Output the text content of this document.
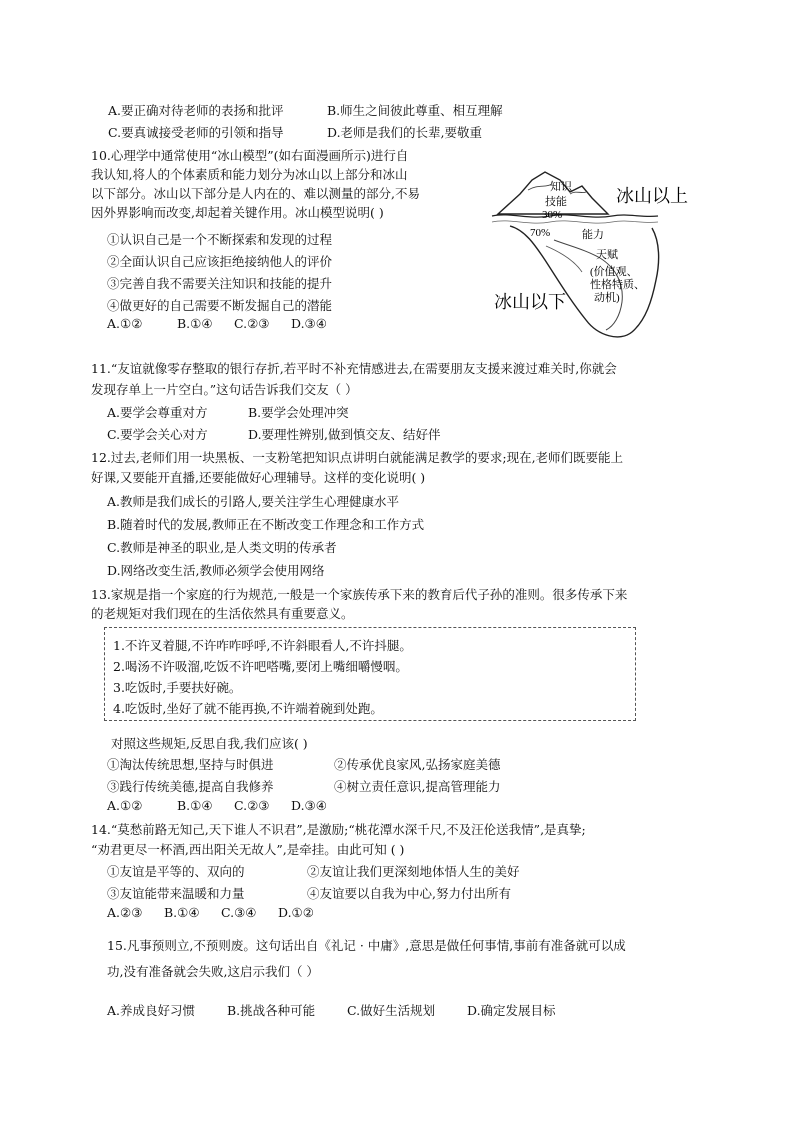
A.要正确对待老师的表扬和批评	B.师生之间彼此尊重、相互理解
C.要真诚接受老师的引领和指导	D.老师是我们的长辈,要敬重
10.心理学中通常使用“冰山模型”(如右面漫画所示)进行自
我认知,将人的个体素质和能力划分为冰山以上部分和冰山
以下部分。冰山以下部分是人内在的、难以测量的部分,不易
因外界影响而改变,却起着关键作用。冰山模型说明( )
①认识自己是一个不断探索和发现的过程
②全面认识自己应该拒绝接纳他人的评价
③完善自我不需要关注知识和技能的提升
④做更好的自己需要不断发掘自己的潜能
A.①②	B.①④ C.②③ D.③④
知识
技能
30%
70%	能力
天赋
(价值观、
性格特质、
动机)
冰山以上
冰山以下
11.“友谊就像零存整取的银行存折,若平时不补充情感进去,在需要朋友支援来渡过难关时,你就会
发现存单上一片空白。”这句话告诉我们交友（ ）
A.要学会尊重对方	B.要学会处理冲突
C.要学会关心对方	D.要理性辨别,做到慎交友、结好伴
12.过去,老师们用一块黑板、一支粉笔把知识点讲明白就能满足教学的要求;现在,老师们既要能上
好课,又要能开直播,还要能做好心理辅导。这样的变化说明( )
A.教师是我们成长的引路人,要关注学生心理健康水平
B.随着时代的发展,教师正在不断改变工作理念和工作方式
C.教师是神圣的职业,是人类文明的传承者
D.网络改变生活,教师必须学会使用网络
13.家规是指一个家庭的行为规范,一般是一个家族传承下来的教育后代子孙的准则。很多传承下来
的老规矩对我们现在的生活依然具有重要意义。
1.不许叉着腿,不许咋咋呼呼,不许斜眼看人,不许抖腿。
2.喝汤不许吸溜,吃饭不许吧嗒嘴,要闭上嘴细嚼慢咽。
3.吃饭时,手要扶好碗。
4.吃饭时,坐好了就不能再换,不许端着碗到处跑。
对照这些规矩,反思自我,我们应该( )
①淘汰传统思想,坚持与时俱进	②传承优良家风,弘扬家庭美德
③践行传统美德,提高自我修养	④树立责任意识,提高管理能力
A.①②	B.①④ C.②③ D.③④
14.“莫愁前路无知己,天下谁人不识君”,是激励;“桃花潭水深千尺,不及汪伦送我情”,是真挚;
“劝君更尽一杯酒,西出阳关无故人”,是牵挂。由此可知 ( )
①友谊是平等的、双向的	②友谊让我们更深刻地体悟人生的美好
③友谊能带来温暖和力量	④友谊要以自我为中心,努力付出所有
A.②③ B.①④ C.③④ D.①②
15.凡事预则立,不预则废。这句话出自《礼记 · 中庸》,意思是做任何事情,事前有准备就可以成
功,没有准备就会失败,这启示我们（ ）
A.养成良好习惯	B.挑战各种可能	C.做好生活规划	D.确定发展目标
